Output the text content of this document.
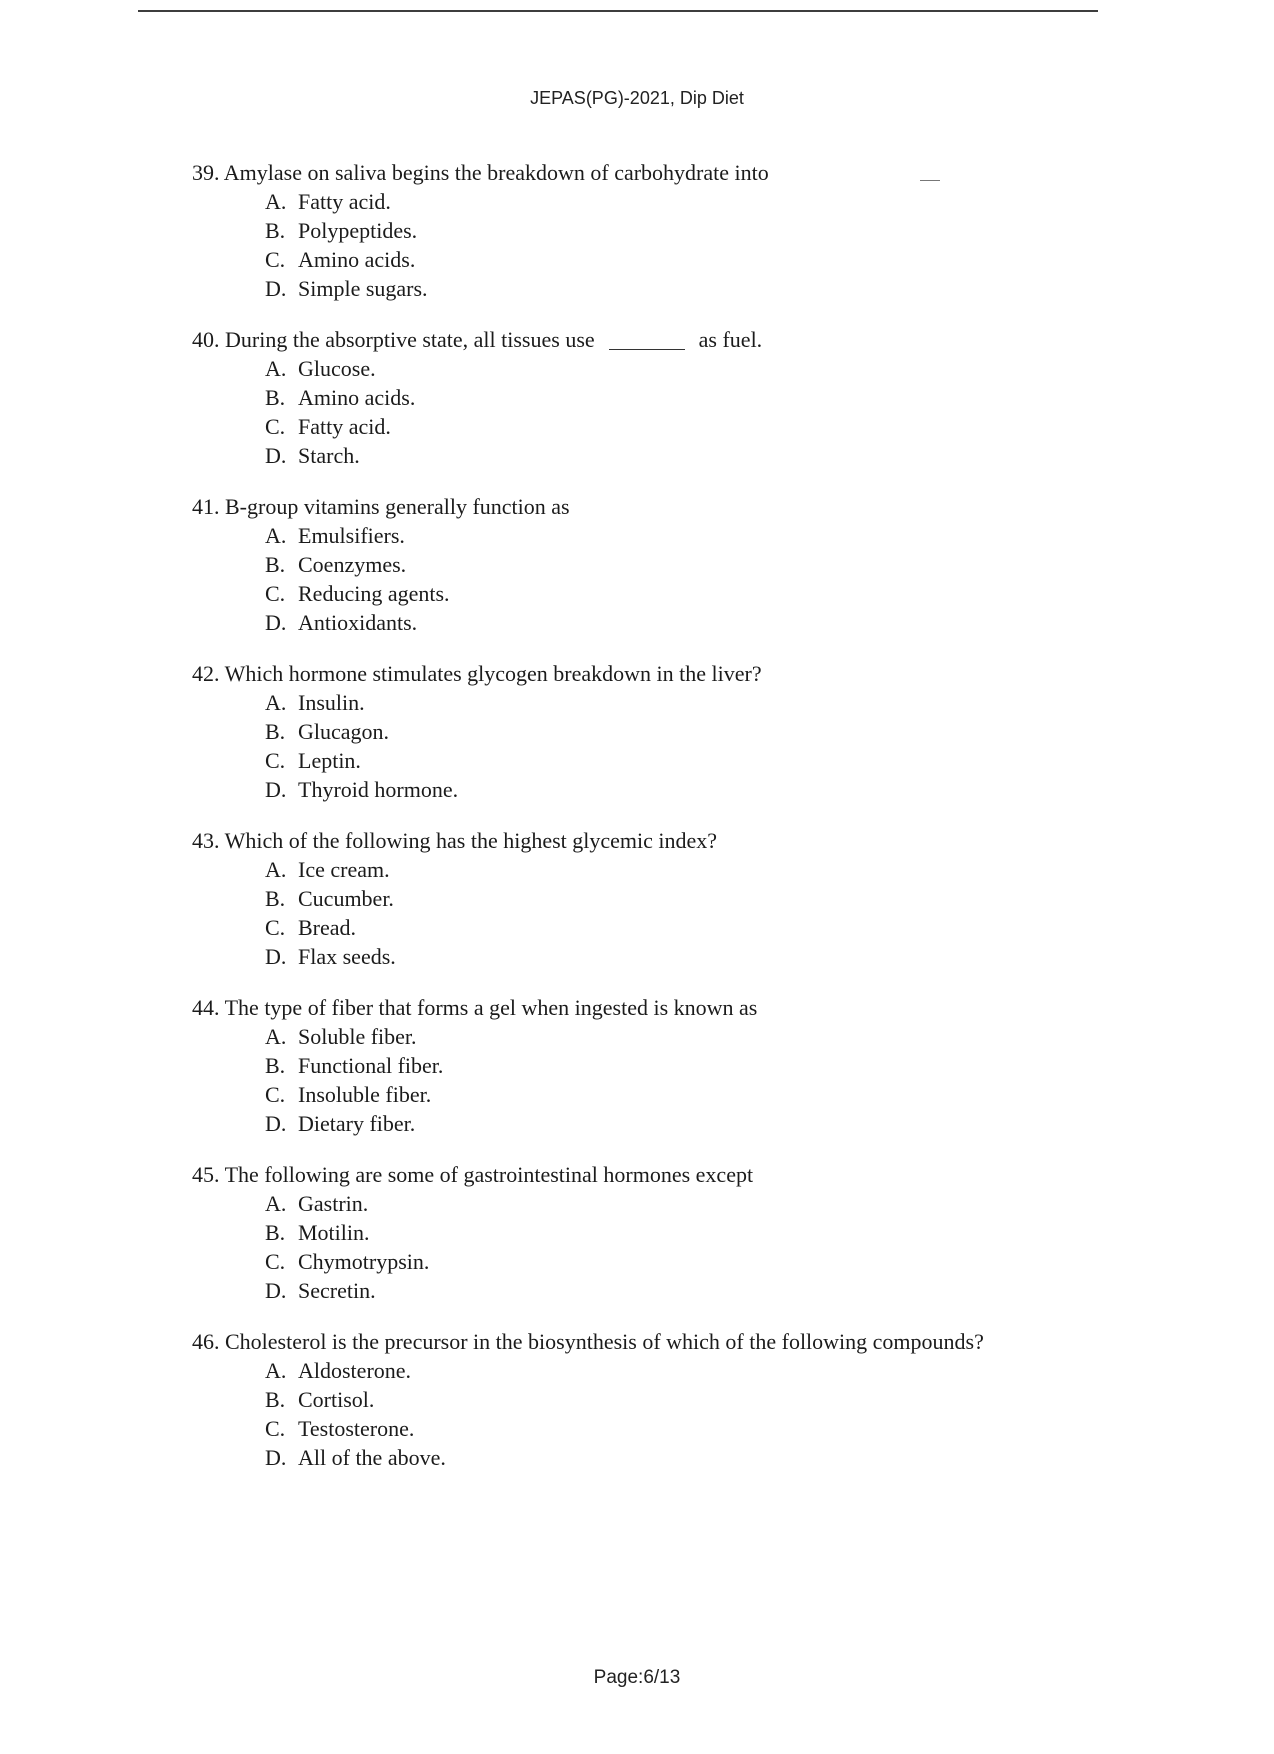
JEPAS(PG)-2021, Dip Diet
39. Amylase on saliva begins the breakdown of carbohydrate into
A. Fatty acid.
B. Polypeptides.
C. Amino acids.
D. Simple sugars.
40. During the absorptive state, all tissues use	as fuel.
A. Glucose.
B. Amino acids.
C. Fatty acid.
D. Starch.
41. B-group vitamins generally function as
A. Emulsifiers.
B. Coenzymes.
C. Reducing agents.
D. Antioxidants.
42. Which hormone stimulates glycogen breakdown in the liver?
A. Insulin.
B. Glucagon.
C. Leptin.
D. Thyroid hormone.
43. Which of the following has the highest glycemic index?
A. Ice cream.
B. Cucumber.
C. Bread.
D. Flax seeds.
44. The type of fiber that forms a gel when ingested is known as
A. Soluble fiber.
B. Functional fiber.
C. Insoluble fiber.
D. Dietary fiber.
45. The following are some of gastrointestinal hormones except
A. Gastrin.
B. Motilin.
C. Chymotrypsin.
D. Secretin.
46. Cholesterol is the precursor in the biosynthesis of which of the following compounds?
A. Aldosterone.
B. Cortisol.
C. Testosterone.
D. All of the above.
Page:6/13
